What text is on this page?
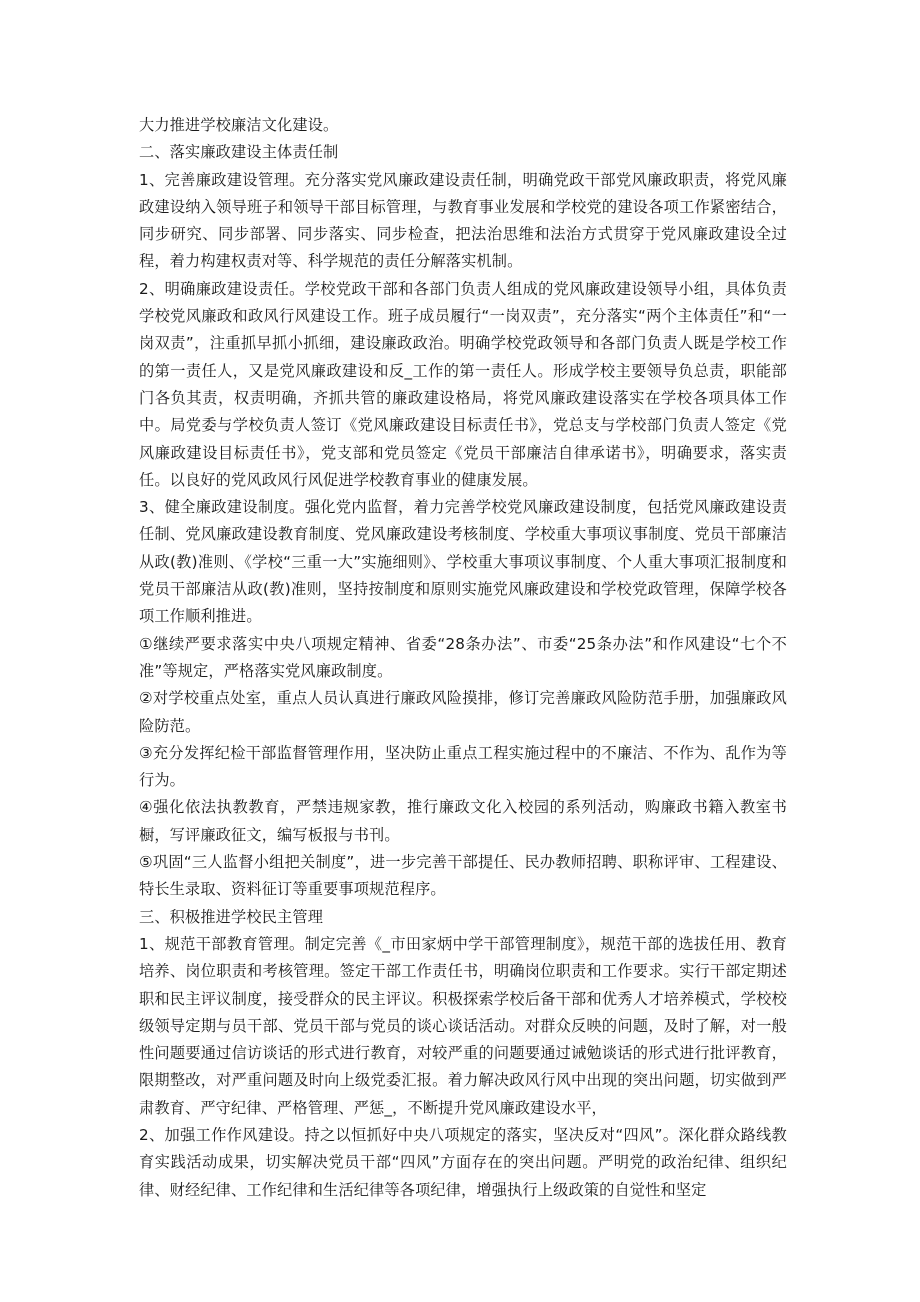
大力推进学校廉洁文化建设。

二、落实廉政建设主体责任制

1、完善廉政建设管理。充分落实党风廉政建设责任制，明确党政干部党风廉政职责，将党风廉政建设纳入领导班子和领导干部目标管理，与教育事业发展和学校党的建设各项工作紧密结合，同步研究、同步部署、同步落实、同步检查，把法治思维和法治方式贯穿于党风廉政建设全过程，着力构建权责对等、科学规范的责任分解落实机制。

2、明确廉政建设责任。学校党政干部和各部门负责人组成的党风廉政建设领导小组，具体负责学校党风廉政和政风行风建设工作。班子成员履行“一岗双责”，充分落实“两个主体责任”和“一岗双责”，注重抓早抓小抓细，建设廉政政治。明确学校党政领导和各部门负责人既是学校工作的第一责任人，又是党风廉政建设和反_工作的第一责任人。形成学校主要领导负总责，职能部门各负其责，权责明确，齐抓共管的廉政建设格局，将党风廉政建设落实在学校各项具体工作中。局党委与学校负责人签订《党风廉政建设目标责任书》，党总支与学校部门负责人签定《党风廉政建设目标责任书》，党支部和党员签定《党员干部廉洁自律承诺书》，明确要求，落实责任。以良好的党风政风行风促进学校教育事业的健康发展。

3、健全廉政建设制度。强化党内监督，着力完善学校党风廉政建设制度，包括党风廉政建设责任制、党风廉政建设教育制度、党风廉政建设考核制度、学校重大事项议事制度、党员干部廉洁从政(教)准则、《学校“三重一大”实施细则》、学校重大事项议事制度、个人重大事项汇报制度和党员干部廉洁从政(教)准则，坚持按制度和原则实施党风廉政建设和学校党政管理，保障学校各项工作顺利推进。

①继续严要求落实中央八项规定精神、省委“28条办法”、市委“25条办法”和作风建设“七个不准”等规定，严格落实党风廉政制度。

②对学校重点处室，重点人员认真进行廉政风险摸排，修订完善廉政风险防范手册，加强廉政风险防范。

③充分发挥纪检干部监督管理作用，坚决防止重点工程实施过程中的不廉洁、不作为、乱作为等行为。

④强化依法执教教育，严禁违规家教，推行廉政文化入校园的系列活动，购廉政书籍入教室书橱，写评廉政征文，编写板报与书刊。

⑤巩固“三人监督小组把关制度”，进一步完善干部提任、民办教师招聘、职称评审、工程建设、特长生录取、资料征订等重要事项规范程序。

三、积极推进学校民主管理

1、规范干部教育管理。制定完善《_市田家炳中学干部管理制度》，规范干部的选拔任用、教育培养、岗位职责和考核管理。签定干部工作责任书，明确岗位职责和工作要求。实行干部定期述职和民主评议制度，接受群众的民主评议。积极探索学校后备干部和优秀人才培养模式，学校校级领导定期与员干部、党员干部与党员的谈心谈话活动。对群众反映的问题，及时了解，对一般性问题要通过信访谈话的形式进行教育，对较严重的问题要通过诫勉谈话的形式进行批评教育，限期整改，对严重问题及时向上级党委汇报。着力解决政风行风中出现的突出问题，切实做到严肃教育、严守纪律、严格管理、严惩_，不断提升党风廉政建设水平，

2、加强工作作风建设。持之以恒抓好中央八项规定的落实，坚决反对“四风”。深化群众路线教育实践活动成果，切实解决党员干部“四风”方面存在的突出问题。严明党的政治纪律、组织纪律、财经纪律、工作纪律和生活纪律等各项纪律，增强执行上级政策的自觉性和坚定
